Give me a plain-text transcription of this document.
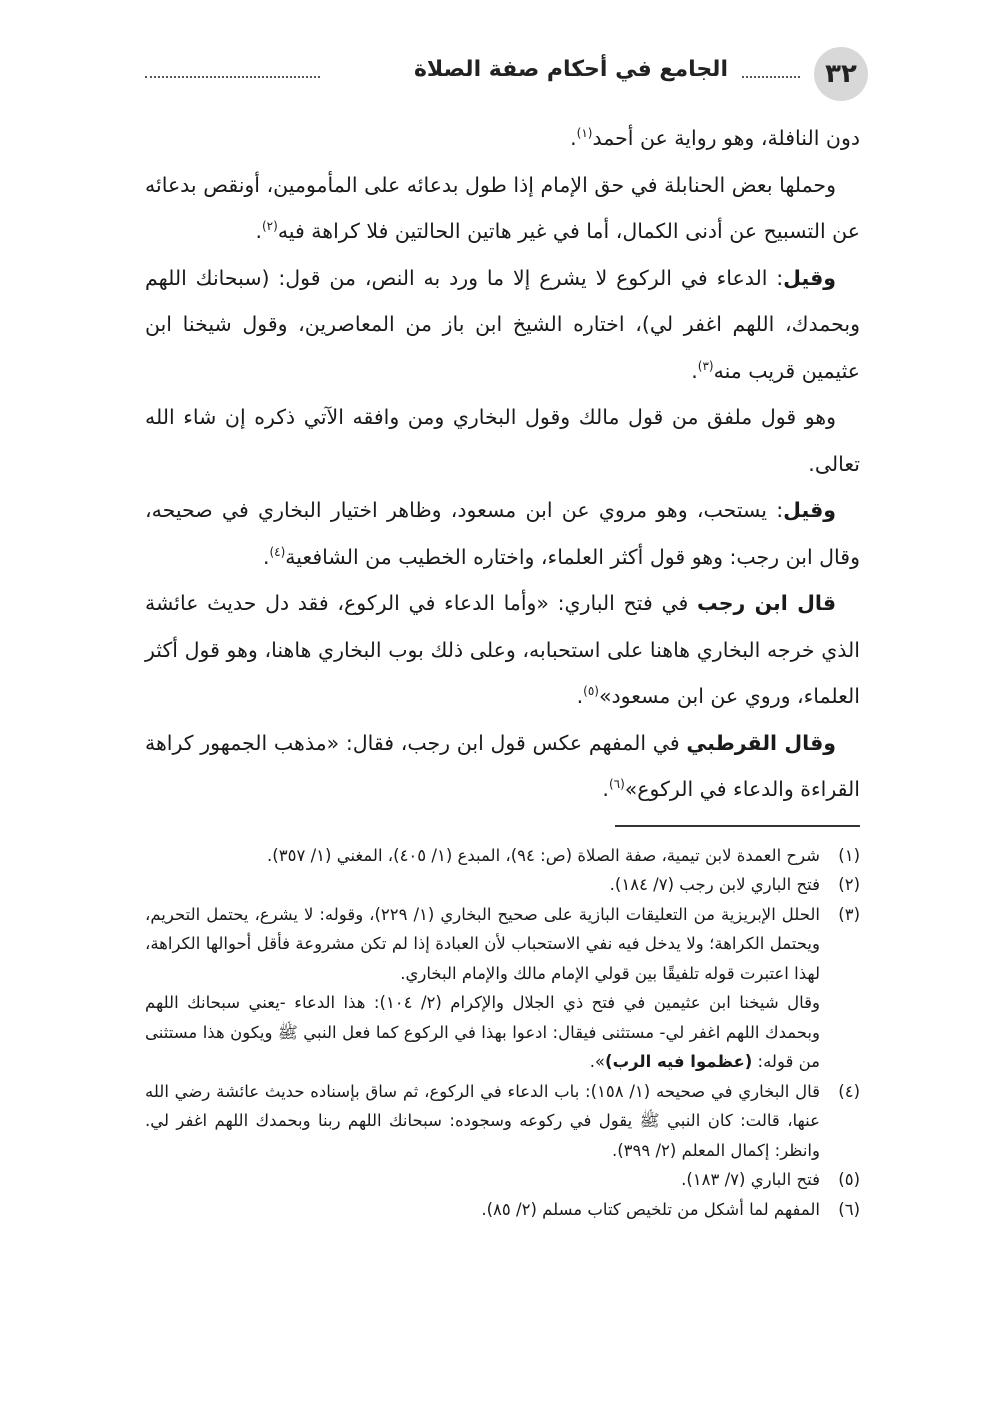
٣٢
الجامع في أحكام صفة الصلاة

دون النافلة، وهو رواية عن أحمد$^{(١)}$.

وحملها بعض الحنابلة في حق الإمام إذا طول بدعائه على المأمومين، أونقص بدعائه عن التسبيح عن أدنى الكمال، أما في غير هاتين الحالتين فلا كراهة فيه$^{(٢)}$.

وقيل: الدعاء في الركوع لا يشرع إلا ما ورد به النص، من قول: (سبحانك اللهم وبحمدك، اللهم اغفر لي)، اختاره الشيخ ابن باز من المعاصرين، وقول شيخنا ابن عثيمين قريب منه$^{(٣)}$.

وهو قول ملفق من قول مالك وقول البخاري ومن وافقه الآتي ذكره إن شاء الله تعالى.

وقيل: يستحب، وهو مروي عن ابن مسعود، وظاهر اختيار البخاري في صحيحه، وقال ابن رجب: وهو قول أكثر العلماء، واختاره الخطيب من الشافعية$^{(٤)}$.

قال ابن رجب في فتح الباري: «وأما الدعاء في الركوع، فقد دل حديث عائشة الذي خرجه البخاري هاهنا على استحبابه، وعلى ذلك بوب البخاري هاهنا، وهو قول أكثر العلماء، وروي عن ابن مسعود»$^{(٥)}$.

وقال القرطبي في المفهم عكس قول ابن رجب، فقال: «مذهب الجمهور كراهة القراءة والدعاء في الركوع»$^{(٦)}$.

(١)
شرح العمدة لابن تيمية، صفة الصلاة (ص: ٩٤)، المبدع (١/ ٤٠٥)، المغني (١/ ٣٥٧).
(٢)
فتح الباري لابن رجب (٧/ ١٨٤).
(٣)

الحلل الإبريزية من التعليقات البازية على صحيح البخاري (١/ ٢٢٩)، وقوله: لا يشرع، يحتمل التحريم، ويحتمل الكراهة؛ ولا يدخل فيه نفي الاستحباب لأن العبادة إذا لم تكن مشروعة فأقل أحوالها الكراهة، لهذا اعتبرت قوله تلفيقًا بين قولي الإمام مالك والإمام البخاري.

وقال شيخنا ابن عثيمين في فتح ذي الجلال والإكرام (٢/ ١٠٤): هذا الدعاء -يعني سبحانك اللهم وبحمدك اللهم اغفر لي- مستثنى فيقال: ادعوا بهذا في الركوع كما فعل النبي ﷺ ويكون هذا مستثنى من قوله: (عظموا فيه الرب)».

(٤)
قال البخاري في صحيحه (١/ ١٥٨): باب الدعاء في الركوع، ثم ساق بإسناده حديث عائشة رضي الله عنها، قالت: كان النبي ﷺ يقول في ركوعه وسجوده: سبحانك اللهم ربنا وبحمدك اللهم اغفر لي. وانظر: إكمال المعلم (٢/ ٣٩٩).
(٥)
فتح الباري (٧/ ١٨٣).
(٦)
المفهم لما أشكل من تلخيص كتاب مسلم (٢/ ٨٥).
